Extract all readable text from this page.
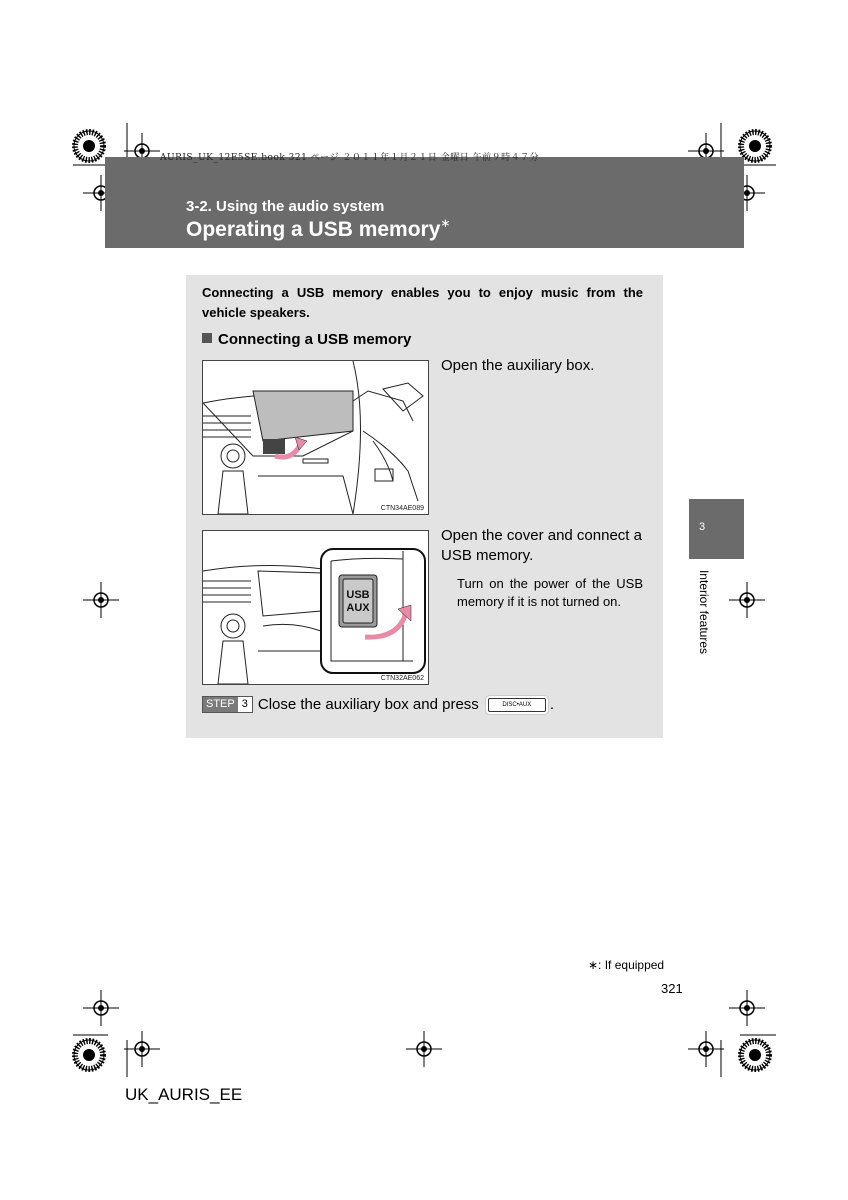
AURIS_UK_12E5SE.book 321 ページ ２０１１年１月２１日 金曜日 午前９時４７分
3-2. Using the audio system
Operating a USB memory∗
3
Interior features
Connecting a USB memory enables you to enjoy music from the vehicle speakers.
Connecting a USB memory
CTN34AE089
Open the auxiliary box.
USB
AUX
CTN32AE062
Open the cover and connect a USB memory.
Turn on the power of the USB memory if it is not turned on.
STEP 3 Close the auxiliary box and press	DISC•AUX	.
∗: If equipped
321
UK_AURIS_EE
